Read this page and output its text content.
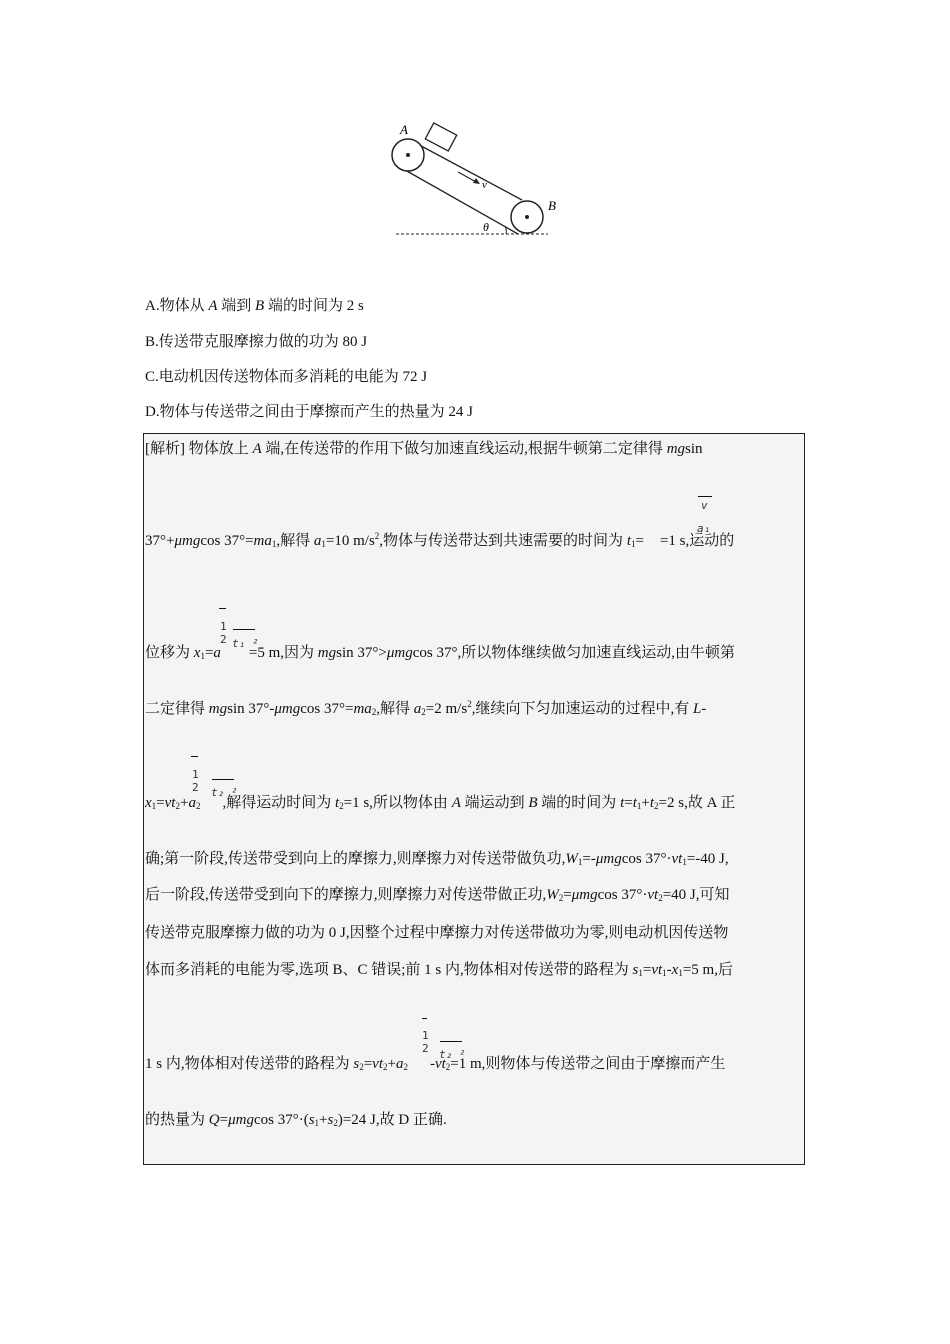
A
v
B
θ
A.物体从 A 端到 B 端的时间为 2 s
B.传送带克服摩擦力做的功为 80 J
C.电动机因传送物体而多消耗的电能为 72 J
D.物体与传送带之间由于摩擦而产生的热量为 24 J
[解析] 物体放上 A 端,在传送带的作用下做匀加速直线运动,根据牛顿第二定律得 mgsin
v
a₁
37°+μmgcos $37^\circ=ma_1$,解得 $a_1=10$ $m/s^2$,物体与传送带达到共速需要的时间为 $t_1= =1$ s,运动的
1
2 t₁ ²
位移为 $x_1=a =5$ m,因为 mgsin 37°>μmgcos 37°,所以物体继续做匀加速直线运动,由牛顿第
二定律得 mgsin 37°-μmgcos $37^\circ=ma_2$,解得 $a_2=2$ $m/s^2$,继续向下匀加速运动的过程中,有 L-
1
2 t₂ ²
$x_1=vt_2+a_2$ ,解得运动时间为 $t_2=1$ s,所以物体由 A 端运动到 B 端的时间为 $t=t_1+t_2=2$ s,故 A 正
确;第一阶段,传送带受到向上的摩擦力,则摩擦力对传送带做负功$,W_1=$-μmgcos $37^\circ\cdot vt_1=-40$ J,
后一阶段,传送带受到向下的摩擦力,则摩擦力对传送带做正功$,W_2=\mu mgcos$ $37^\circ\cdot vt_2=40$ J,可知
传送带克服摩擦力做的功为 0 J,因整个过程中摩擦力对传送带做功为零,则电动机因传送物
体而多消耗的电能为零,选项 B、C 错误;前 1 s 内,物体相对传送带的路程为 $s_1=vt_1-x_1=5$ m,后
1
2 t₂ ²
1 s 内,物体相对传送带的路程为 $s_2=vt_2+a_2$ $-vt_2=1$ m,则物体与传送带之间由于摩擦而产生
的热量为 Q=μmgcos $37^\circ\cdot(s_1+s_2)=24$ J,故 D 正确.
